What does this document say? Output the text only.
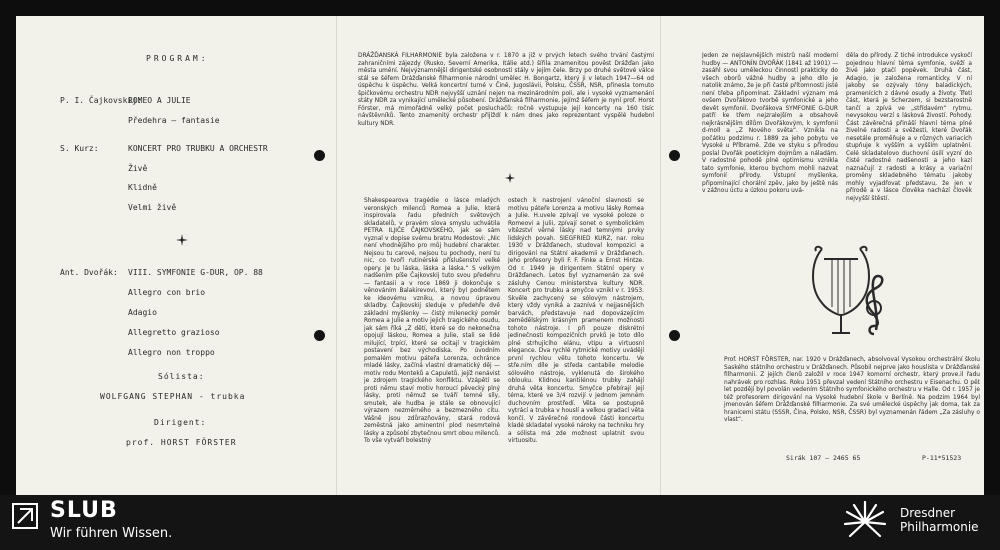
PROGRAM:
P. I. Čajkovskij:
ROMEO A JULIE
Předehra — fantasie
S. Kurz:	KONCERT PRO TRUBKU A ORCHESTR
Živě
Klidně
Velmi živě
Ant. Dvořák: VIII. SYMFONIE G-DUR, OP. 88
Allegro con brio
Adagio
Allegretto grazioso
Allegro non troppo
Sólista:
WOLFGANG STEPHAN - trubka
Dirigent:
prof. HORST FÖRSTER

DRÁŽĎANSKÁ FILHARMONIE byla založena v r. 1870 a již v prvých letech svého trvání častými zahraničními zájezdy (Rusko, Severní Amerika, Itálie atd.) šířila znamenitou pověst Drážďan jako města umění. Nejvýznamnější dirigentské osobnosti stály v jejím čele. Brzy po druhé světové válce stál se šéfem Drážďanské filharmonie národní umělec H. Bongartz, který ji v letech 1947—64 od úspěchu k úspěchu. Velká koncertní turné v Čině, Jugoslávii, Polsku, ČSSR, NSR, přinesla tomuto špičkovému orchestru NDR nejvyšší uznání nejen na mezinárodním poli, ale i vysoké vyznamenání státy NDR za vynikající umělecké působení. Drážďanská filharmonie, jejímž šéfem je nyní prof. Horst Förster, má mimořádně velký počet posluchačů: ročně vystupuje její koncerty na 160 tisíc návštěvníků. Tento znamenitý orchestr přijíždí k nám dnes jako reprezentant vyspělé hudební kultury NDR.

Shakespearova tragédie o lásce mladých veronských milenců Romea a Julie, která inspirovala řadu předních světových skladatelů, v pravém slova smyslu uchvátila PETRA ILJIČE ČAJKOVSKÉHO, jak se sám vyznal v dopise svému bratru Modestovi: „Nic není vhodnějšího pro můj hudební charakter. Nejsou tu carové, nejsou tu pochody, není tu nic, co tvoří rutinérské příslušenství velké opery. Je tu láska, láska a láska.“ S velkým nadšením píše Čajkovskij tuto svou předehru — fantasii a v roce 1869 ji dokončuje s věnováním Balakirevovi, který byl podnětem ke ideovému vzniku, a novou úpravou skladby. Čajkovskij sleduje v předehře dvě základní myšlenky — čistý milenecký poměr Romea a Julie a motiv jejich tragického osudu, jak sám říká „Z dětí, které se do nekonečna opojují láskou, Romea a Julie, stali se lidé milující, trpící, které se ocitají v tragickém postavení bez východiska. Po úvodním pomalém motivu páteřa Lorenza, ochránce mladé lásky, začíná vlastní dramatický děj — motiv rodu Monteků a Capuletů, jejíž nenávist je zdrojem tragického konfliktu. Vzápětí se proti němu staví motiv horoucí pěvecký plný lásky, proti němuž se tváří temné síly, smutek, ale hudba je stále se obnovující výrazem nezměrného a bezmezného citu. Vášně jsou zdůrazňovány, stará rodová zeměstná jako aminentní plod nesmrtelné lásky a způsobí zbytečnou smrt obou milenců. To vše vytváří bolestný

ostech k nastrojení vánoční slavnosti se motivu páteře Lorenza a motivu lásky Romea a Julie. H.uvele zpívají ve vysoké poloze o Romeovi a Julii, zpívají sonet o symbolickém vítězství věrné lásky nad temnými prvky lidských povah. SIEGFRIED KURZ, nar. roku 1930 v Drážďanech, studoval kompozici a dirigování na Státní akademii v Drážďanech. Jeho profesory byli F. F. Finke a Ernst Hintze. Od r. 1949 je dirigentem Státní opery v Drážďanech. Letos byl vyznamenán za své zásluhy Cenou ministerstva kultury NDR. Koncert pro trubku a smyčce vznikl v r. 1953. Skvěle zachycený se sólovým nástrojem, který vždy vyniká a zaznívá v nejjasnějších barvách, představuje nad dopovázejícím zemědělským krásným pramenem možnosti tohoto nástroje. I při pouze diskrétní jedinečnosti kompozičních prvků je toto dílo plné strhujícího elánu, vtipu a virtuosní elegance. Dva rychlé rytmické motivy uvádějí první rychlou větu tohoto koncertu. Ve stře.ním díle je středa cantabile melodie sólového nástroje, vyklenutá do širokého oblouku. Klidnou kantilénou trubky zahájí druhá věta koncertu. Smyčce přebírají její téma, které ve 3/4 rozvijí v jednom jemném duchovním prostředí. Věta se postupně vytrácí a trubka v houslí a velkou gradací věta končí. V závěrečné rondové části koncertu kladé skladatel vysoké nároky na techniku hry a sólista má zde možnost uplatnit svou virtuositu.

Jeden ze nejslavnějších mistrů naší moderní hudby — ANTONÍN DVOŘÁK (1841 až 1901) — zasáhl svou uměleckou činností prakticky do všech oborů vážné hudby a jeho dílo je natolik známo, že je při časté přítomnosti jisté není třeba připomínat. Základní význam má ovšem Dvořákovo tvorbě symfonické a jeho devět symfonií. Dvořákova SYMFONIE G-DUR patří ke třem nejzralejším a obsahově nejkrásnějším dílům Dvořákovým, k symfonii d-moll a „Z Nového světa“. Vznikla na počátku podzimu r. 1889 za jeho pobytu ve Vysoké u Příbramě. Zde ve styku s přírodou poslal Dvořák poetickým dojmům a náladám. V radostné pohodě plné optimismu vznikla tato symfonie, kterou bychom mohli nazvat symfonií přírody. Vstupní myšlenka, připomínající chorální zpěv, jako by ještě nás v zážnou úctu a úzkou pokoru uvá-

děla do přírody. Z tiché introdukce vyskočí pojednou hlavní téma symfonie, svěží a živé jako ptačí popěvek. Druhá část, Adagio, je založena romanticky. V ní jakoby se ozývaly tóny baladických, pramenících z dávné osudy a životy. Třetí část, která je Scherzem, si bezstarostně tančí a zpívá ve „střídavém“ rytmu, nevysokou verzí s lásková živostí. Pohody. Část závěrečná přináší hlavní téma plné živelné radosti a svěžesti, které Dvořák nesetále proměňuje a v různých variacích stupňuje k vyšším a vyšším uplatnění. Celé skladatelovo duchovní úsilí vyzní do čisté radostné nadšenosti a jeho kazí naznačují z radosti a krásy a variační proměny skladebného tématu jakoby mohly vyjadřovat představu, že jen v přírodě a v lásce člověka nachází člověk nejvyšší štěstí.

Prof. HORST FÖRSTER, nar. 1920 v Drážďanech, absolvoval Vysokou orchestrální školu Saského státního orchestru v Drážďanech. Působil nejprve jako houslista v Drážďanské filharmonii. Z jejích členů založil v roce 1947 komorní orchestr, který prove.il řadu nahrávek pro rozhlas. Roku 1951 převzal vedení Státního orchestru v Eisenachu. O pět let později byl povolán vedením Státního symfonického orchestru v Halle. Od r. 1957 je též profesorem dirigování na Vysoké hudební škole v Berlíně. Na podzim 1964 byl jmenován šéfem Drážďanské filharmonie. Za své umělecké úspěchy jak doma, tak za hranicemi státu (SSSR, Čína, Polsko, NSR, ČSSR) byl vyznamenán řádem „Za zásluhy o vlast“.

Sirák 107 — 2465 65	P-11*51523
SLUB
Wir führen Wissen.
Dresdner
Philharmonie
